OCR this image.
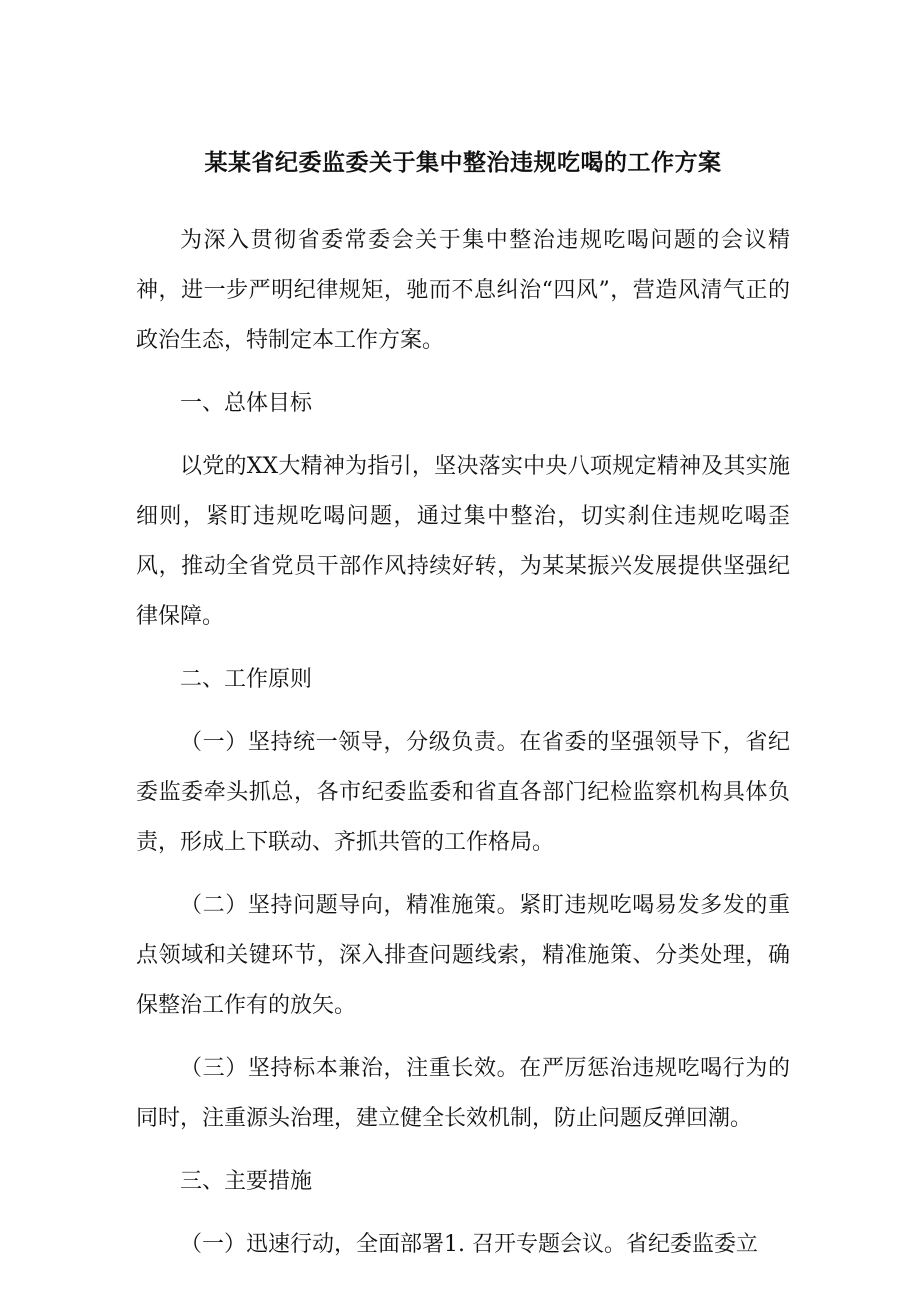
某某省纪委监委关于集中整治违规吃喝的工作方案

为深入贯彻省委常委会关于集中整治违规吃喝问题的会议精神，进一步严明纪律规矩，驰而不息纠治“四风”，营造风清气正的政治生态，特制定本工作方案。

一、总体目标

以党的XX大精神为指引，坚决落实中央八项规定精神及其实施细则，紧盯违规吃喝问题，通过集中整治，切实刹住违规吃喝歪风，推动全省党员干部作风持续好转，为某某振兴发展提供坚强纪律保障。

二、工作原则

（一）坚持统一领导，分级负责。在省委的坚强领导下，省纪委监委牵头抓总，各市纪委监委和省直各部门纪检监察机构具体负责，形成上下联动、齐抓共管的工作格局。

（二）坚持问题导向，精准施策。紧盯违规吃喝易发多发的重点领域和关键环节，深入排查问题线索，精准施策、分类处理，确保整治工作有的放矢。

（三）坚持标本兼治，注重长效。在严厉惩治违规吃喝行为的同时，注重源头治理，建立健全长效机制，防止问题反弹回潮。

三、主要措施

（一）迅速行动，全面部署1. 召开专题会议。省纪委监委立
